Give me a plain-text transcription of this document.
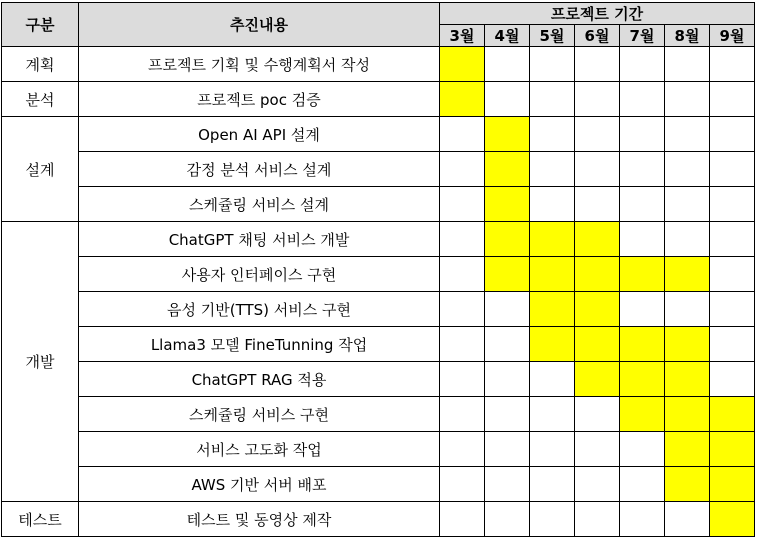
구분	추진내용	프로젝트 기간						
		3월	4월	5월	6월	7월	8월	9월
계획	프로젝트 기획 및 수행계획서 작성							
분석	프로젝트 poc 검증							
설계	Open AI API 설계							
	감정 분석 서비스 설계							
	스케쥴링 서비스 설계							
개발	ChatGPT 채팅 서비스 개발							
	사용자 인터페이스 구현							
	음성 기반(TTS) 서비스 구현							
	Llama3 모델 FineTunning 작업							
	ChatGPT RAG 적용							
	스케쥴링 서비스 구현							
	서비스 고도화 작업							
	AWS 기반 서버 배포							
테스트	테스트 및 동영상 제작							
